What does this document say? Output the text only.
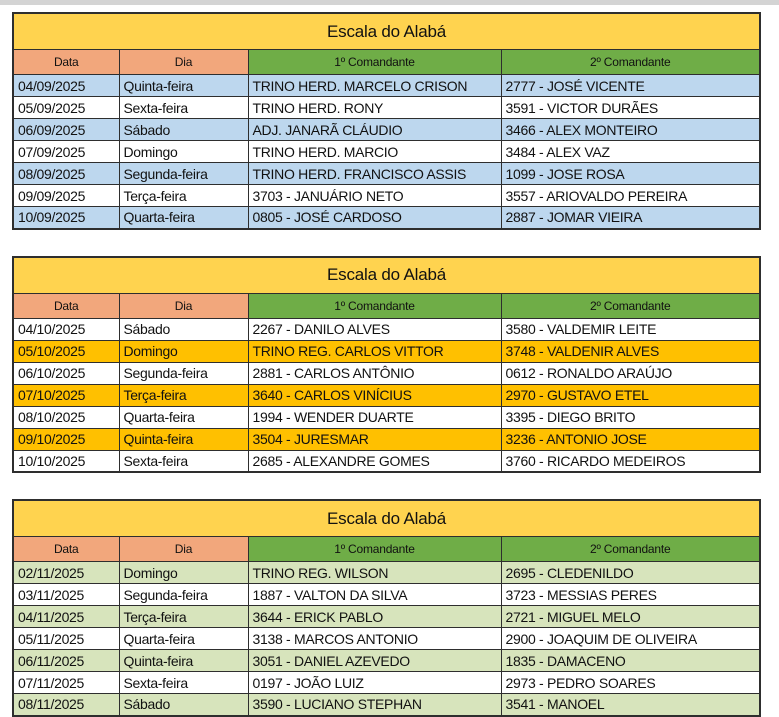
Escala do Alabá			
Data	Dia	1º Comandante	2º Comandante
04/09/2025	Quinta-feira	TRINO HERD. MARCELO CRISON	2777 - JOSÉ VICENTE
05/09/2025	Sexta-feira	TRINO HERD. RONY	3591 - VICTOR DURÃES
06/09/2025	Sábado	ADJ. JANARÃ CLÁUDIO	3466 - ALEX MONTEIRO
07/09/2025	Domingo	TRINO HERD. MARCIO	3484 - ALEX VAZ
08/09/2025	Segunda-feira	TRINO HERD. FRANCISCO ASSIS	1099 - JOSE ROSA
09/09/2025	Terça-feira	3703 - JANUÁRIO NETO	3557 - ARIOVALDO PEREIRA
10/09/2025	Quarta-feira	0805 - JOSÉ CARDOSO	2887 - JOMAR VIEIRA
Escala do Alabá			
Data	Dia	1º Comandante	2º Comandante
04/10/2025	Sábado	2267 - DANILO ALVES	3580 - VALDEMIR LEITE
05/10/2025	Domingo	TRINO REG. CARLOS VITTOR	3748 - VALDENIR ALVES
06/10/2025	Segunda-feira	2881 - CARLOS ANTÔNIO	0612 - RONALDO ARAÚJO
07/10/2025	Terça-feira	3640 - CARLOS VINÍCIUS	2970 - GUSTAVO ETEL
08/10/2025	Quarta-feira	1994 - WENDER DUARTE	3395 - DIEGO BRITO
09/10/2025	Quinta-feira	3504 - JURESMAR	3236 - ANTONIO JOSE
10/10/2025	Sexta-feira	2685 - ALEXANDRE GOMES	3760 - RICARDO MEDEIROS
Escala do Alabá			
Data	Dia	1º Comandante	2º Comandante
02/11/2025	Domingo	TRINO REG. WILSON	2695 - CLEDENILDO
03/11/2025	Segunda-feira	1887 - VALTON DA SILVA	3723 - MESSIAS PERES
04/11/2025	Terça-feira	3644 - ERICK PABLO	2721 - MIGUEL MELO
05/11/2025	Quarta-feira	3138 - MARCOS ANTONIO	2900 - JOAQUIM DE OLIVEIRA
06/11/2025	Quinta-feira	3051 - DANIEL AZEVEDO	1835 - DAMACENO
07/11/2025	Sexta-feira	0197 - JOÃO LUIZ	2973 - PEDRO SOARES
08/11/2025	Sábado	3590 - LUCIANO STEPHAN	3541 - MANOEL
